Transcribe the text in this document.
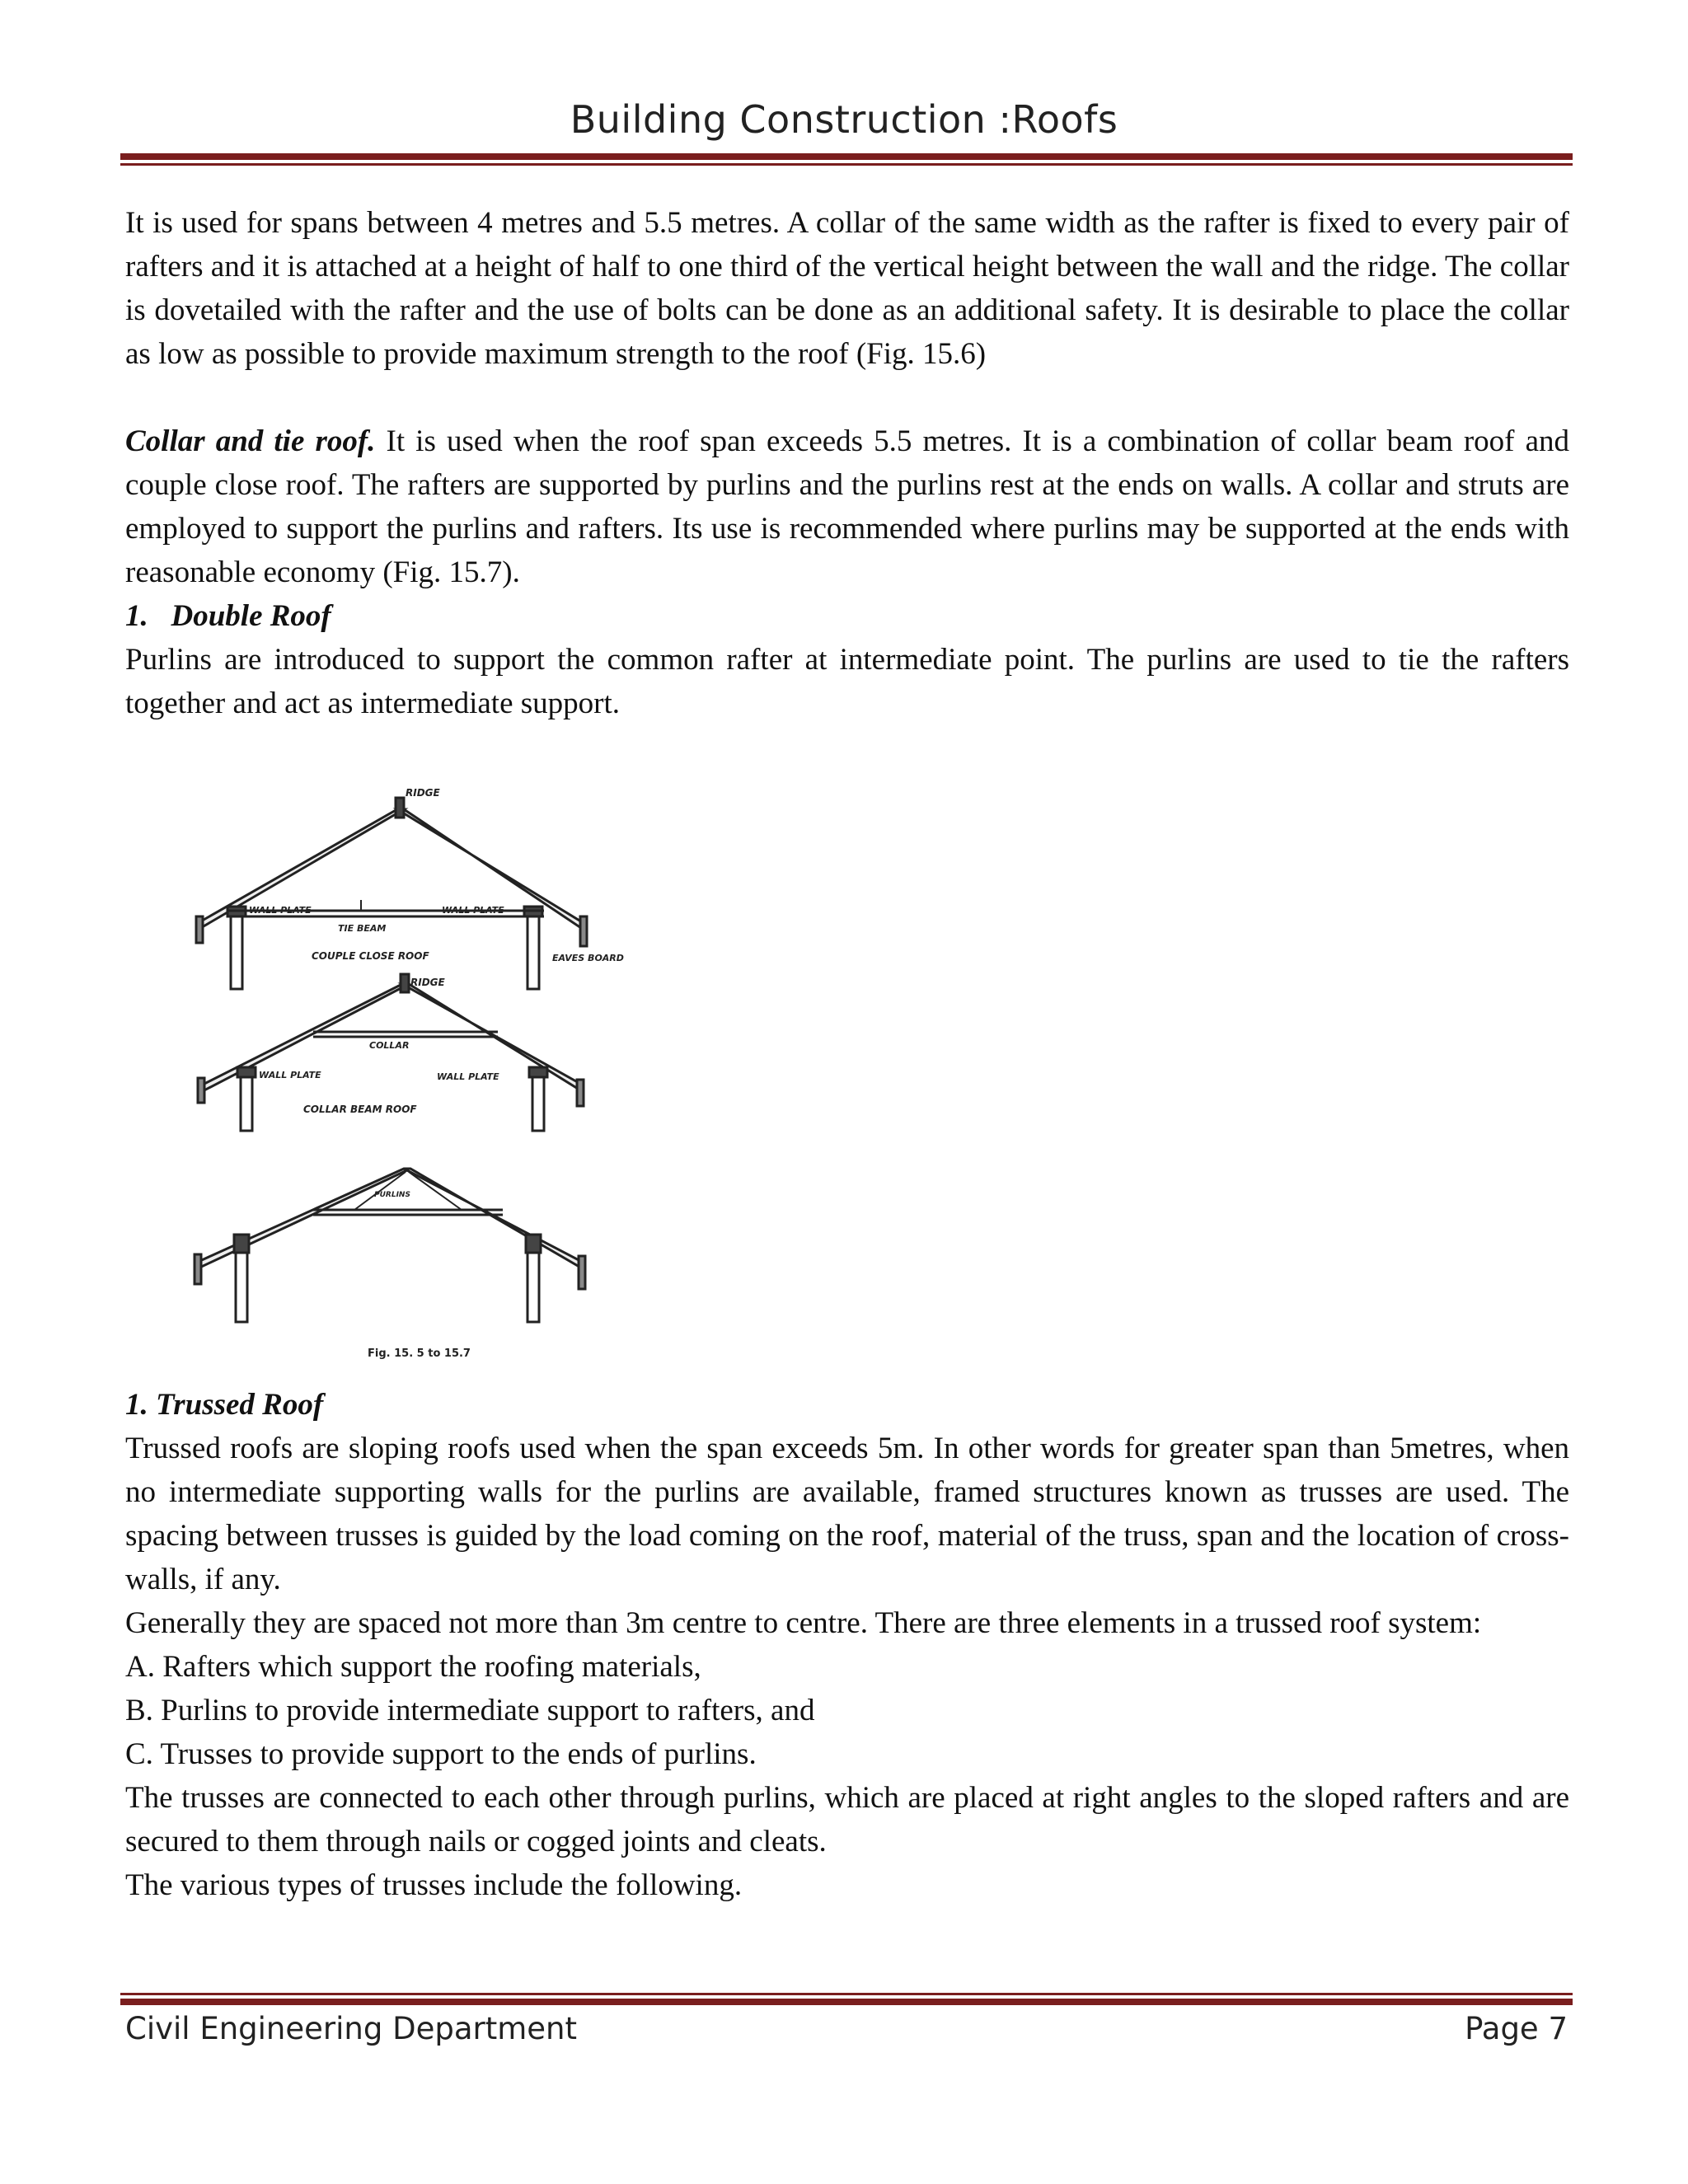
Building Construction :Roofs

It is used for spans between 4 metres and 5.5 metres. A collar of the same width as the rafter is fixed to every pair of rafters and it is attached at a height of half to one third of the vertical height between the wall and the ridge. The collar is dovetailed with the rafter and the use of bolts can be done as an additional safety. It is desirable to place the collar as low as possible to provide maximum strength to the roof (Fig. 15.6)

Collar and tie roof. It is used when the roof span exceeds 5.5 metres. It is a combination of collar beam roof and couple close roof. The rafters are supported by purlins and the purlins rest at the ends on walls. A collar and struts are employed to support the purlins and rafters. Its use is recommended where purlins may be supported at the ends with reasonable economy (Fig. 15.7).

1.   Double Roof

Purlins are introduced to support the common rafter at intermediate point. The purlins are used to tie the rafters together and act as intermediate support.

RIDGE
WALL PLATE	WALL PLATE
TIE BEAM
EAVES BOARD
COUPLE CLOSE ROOF
RIDGE
COLLAR
WALL PLATE	WALL PLATE
COLLAR BEAM ROOF
PURLINS
Fig. 15. 5 to 15.7

1. Trussed Roof

Trussed roofs are sloping roofs used when the span exceeds 5m. In other words for greater span than 5metres, when no intermediate supporting walls for the purlins are available, framed structures known as trusses are used. The spacing between trusses is guided by the load coming on the roof, material of the truss, span and the location of cross-walls, if any.

Generally they are spaced not more than 3m centre to centre. There are three elements in a trussed roof system:

A. Rafters which support the roofing materials,

B. Purlins to provide intermediate support to rafters, and

C. Trusses to provide support to the ends of purlins.

The trusses are connected to each other through purlins, which are placed at right angles to the sloped rafters and are secured to them through nails or cogged joints and cleats.

The various types of trusses include the following.

Civil Engineering Department	Page 7
